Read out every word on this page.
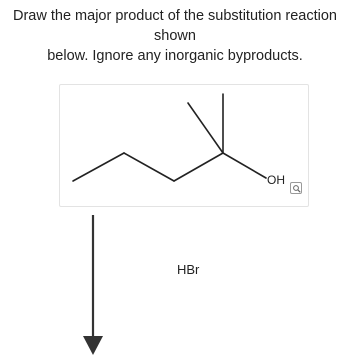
Draw the major product of the substitution reaction shown
below. Ignore any inorganic byproducts.
OH
HBr
